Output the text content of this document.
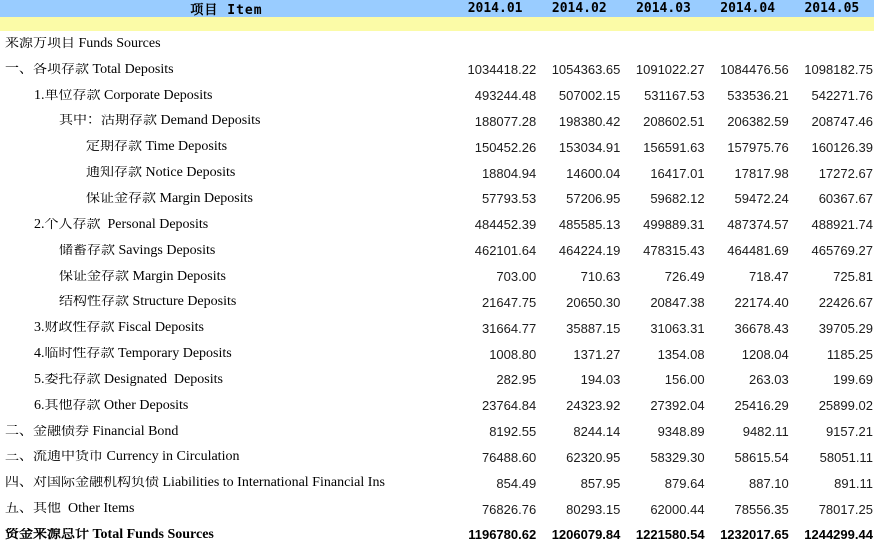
项目 Item	2014.01	2014.02	2014.03	2014.04	2014.05
来源方项目 Funds Sources
一、各项存款 Total Deposits	1034418.22	1054363.65	1091022.27	1084476.56	1098182.75
1.单位存款 Corporate Deposits	493244.48	507002.15	531167.53	533536.21	542271.76
其中：活期存款 Demand Deposits	188077.28	198380.42	208602.51	206382.59	208747.46
定期存款 Time Deposits	150452.26	153034.91	156591.63	157975.76	160126.39
通知存款 Notice Deposits	18804.94	14600.04	16417.01	17817.98	17272.67
保证金存款 Margin Deposits	57793.53	57206.95	59682.12	59472.24	60367.67
2.个人存款  Personal Deposits	484452.39	485585.13	499889.31	487374.57	488921.74
储蓄存款 Savings Deposits	462101.64	464224.19	478315.43	464481.69	465769.27
保证金存款 Margin Deposits	703.00	710.63	726.49	718.47	725.81
结构性存款 Structure Deposits	21647.75	20650.30	20847.38	22174.40	22426.67
3.财政性存款 Fiscal Deposits	31664.77	35887.15	31063.31	36678.43	39705.29
4.临时性存款 Temporary Deposits	1008.80	1371.27	1354.08	1208.04	1185.25
5.委托存款 Designated  Deposits	282.95	194.03	156.00	263.03	199.69
6.其他存款 Other Deposits	23764.84	24323.92	27392.04	25416.29	25899.02
二、金融债券 Financial Bond	8192.55	8244.14	9348.89	9482.11	9157.21
三、流通中货币 Currency in Circulation	76488.60	62320.95	58329.30	58615.54	58051.11
四、对国际金融机构负债 Liabilities to International Financial Ins	854.49	857.95	879.64	887.10	891.11
五、其他  Other Items	76826.76	80293.15	62000.44	78556.35	78017.25
资金来源总计 Total Funds Sources	1196780.62	1206079.84	1221580.54	1232017.65	1244299.44
